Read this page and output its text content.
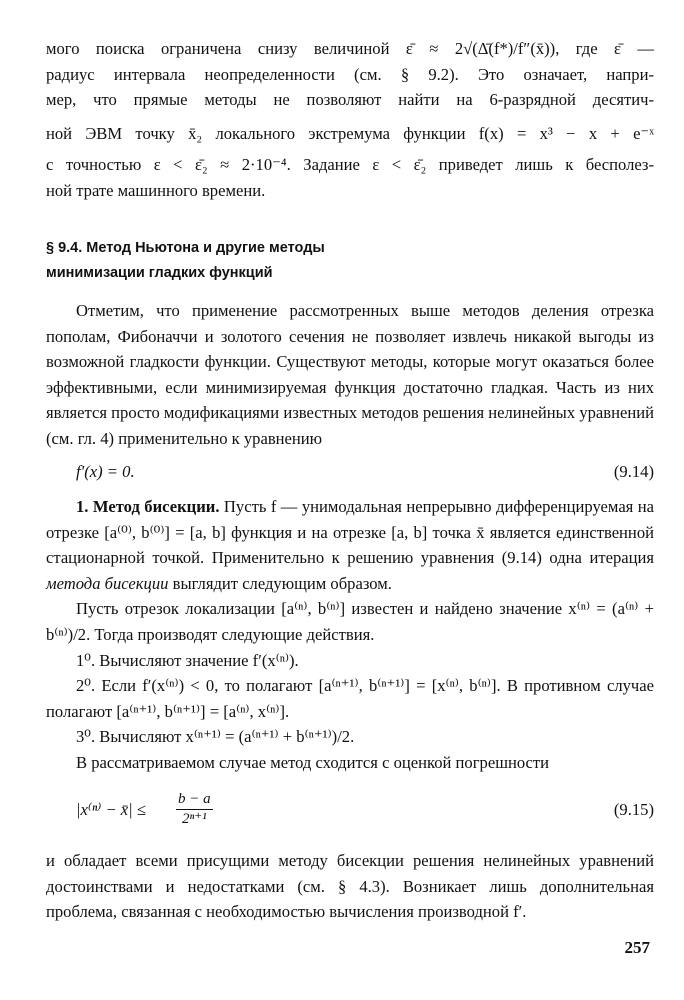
мого поиска ограничена снизу величиной ε̄ ≈ 2√(Δ̄(f*)/f″(x̄)), где ε̄ —
радиус интервала неопределенности (см. § 9.2). Это означает, напри-
мер, что прямые методы не позволяют найти на 6-разрядной десятич-
ной ЭВМ точку x̄₂ локального экстремума функции f(x) = x³ − x + e⁻ˣ
с точностью ε < ε̄₂ ≈ 2·10⁻⁴. Задание ε < ε̄₂ приведет лишь к бесполез-
ной трате машинного времени.
§ 9.4. Метод Ньютона и другие методы
минимизации гладких функций

Отметим, что применение рассмотренных выше методов деления отрезка пополам, Фибоначчи и золотого сечения не позволяет извлечь никакой выгоды из возможной гладкости функции. Существуют методы, которые могут оказаться более эффективными, если минимизируемая функция достаточно гладкая. Часть из них является просто модификациями известных методов решения нелинейных уравнений (см. гл. 4) применительно к уравнению

f′(x) = 0.	(9.14)

1. Метод бисекции. Пусть f — унимодальная непрерывно дифференцируемая на отрезке [a⁽⁰⁾, b⁽⁰⁾] = [a, b] функция и на отрезке [a, b] точка x̄ является единственной стационарной точкой. Применительно к решению уравнения (9.14) одна итерация метода бисекции выглядит следующим образом.

Пусть отрезок локализации [a⁽ⁿ⁾, b⁽ⁿ⁾] известен и найдено значение x⁽ⁿ⁾ = (a⁽ⁿ⁾ + b⁽ⁿ⁾)/2. Тогда производят следующие действия.

1⁰. Вычисляют значение f′(x⁽ⁿ⁾).

2⁰. Если f′(x⁽ⁿ⁾) < 0, то полагают [a⁽ⁿ⁺¹⁾, b⁽ⁿ⁺¹⁾] = [x⁽ⁿ⁾, b⁽ⁿ⁾]. В противном случае полагают [a⁽ⁿ⁺¹⁾, b⁽ⁿ⁺¹⁾] = [a⁽ⁿ⁾, x⁽ⁿ⁾].

3⁰. Вычисляют x⁽ⁿ⁺¹⁾ = (a⁽ⁿ⁺¹⁾ + b⁽ⁿ⁺¹⁾)/2.

В рассматриваемом случае метод сходится с оценкой погрешности

|x⁽ⁿ⁾ − x̄| ≤ $\frac{b - a}{\text{2ⁿ⁺¹}}$	(9.15)

и обладает всеми присущими методу бисекции решения нелинейных уравнений достоинствами и недостатками (см. § 4.3). Возникает лишь дополнительная проблема, связанная с необходимостью вычисления производной f′.

257
